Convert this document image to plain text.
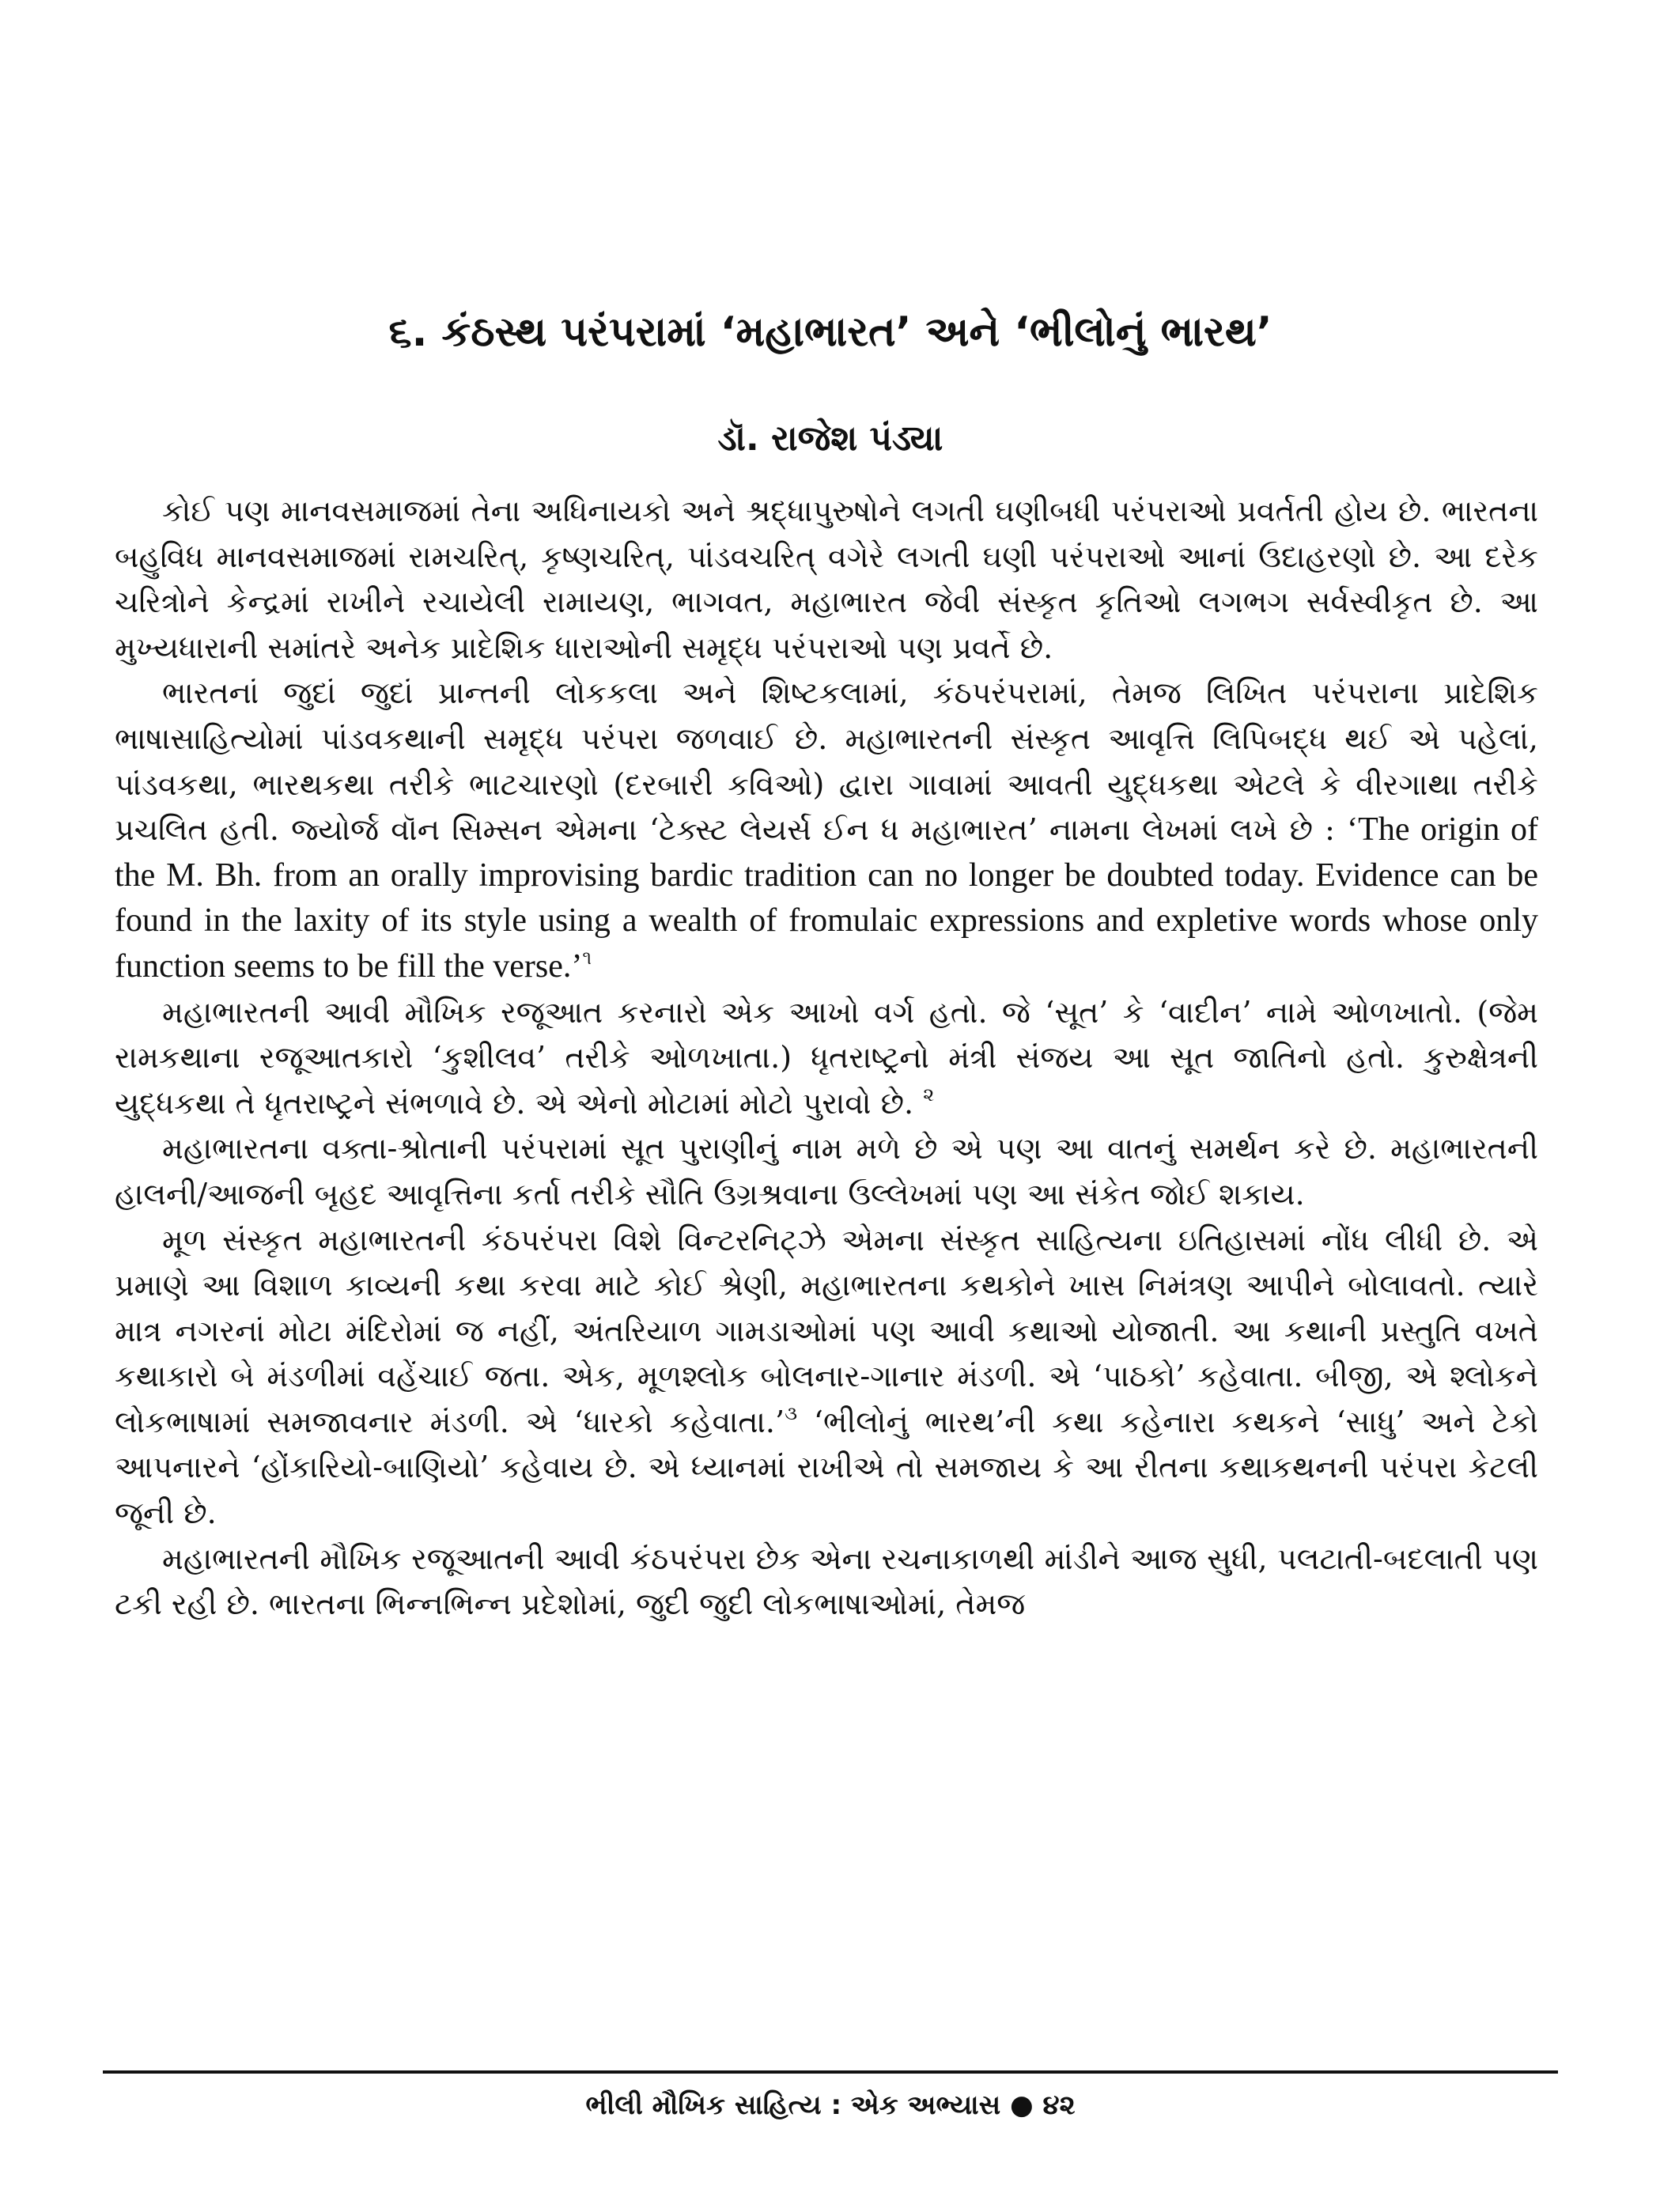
૬. કંઠસ્થ પરંપરામાં ‘મહાભારત’ અને ‘ભીલોનું ભારથ’
ડૉ. રાજેશ પંડ્યા

કોઈ પણ માનવસમાજમાં તેના અધિનાયકો અને શ્રદ્ધાપુરુષોને લગતી ઘણીબધી પરંપરાઓ પ્રવર્તતી હોય છે. ભારતના બહુવિધ માનવસમાજમાં રામચરિત્, કૃષ્ણચરિત્, પાંડવચરિત્ વગેરે લગતી ઘણી પરંપરાઓ આનાં ઉદાહરણો છે. આ દરેક ચરિત્રોને કેન્દ્રમાં રાખીને રચાયેલી રામાયણ, ભાગવત, મહાભારત જેવી સંસ્કૃત કૃતિઓ લગભગ સર્વસ્વીકૃત છે. આ મુખ્યધારાની સમાંતરે અનેક પ્રાદેશિક ધારાઓની સમૃદ્ધ પરંપરાઓ પણ પ્રવર્તે છે.

ભારતનાં જુદાં જુદાં પ્રાન્તની લોકકલા અને શિષ્ટકલામાં, કંઠપરંપરામાં, તેમજ લિખિત પરંપરાના પ્રાદેશિક ભાષાસાહિત્યોમાં પાંડવકથાની સમૃદ્ધ પરંપરા જળવાઈ છે. મહાભારતની સંસ્કૃત આવૃત્તિ લિપિબદ્ધ થઈ એ પહેલાં, પાંડવકથા, ભારથકથા તરીકે ભાટચારણો (દરબારી કવિઓ) દ્વારા ગાવામાં આવતી યુદ્ધકથા એટલે કે વીરગાથા તરીકે પ્રચલિત હતી. જ્યોર્જ વૉન સિમ્સન એમના ‘ટેક્સ્ટ લેયર્સ ઈન ધ મહાભારત’ નામના લેખમાં લખે છે : ‘The origin of the M. Bh. from an orally improvising bardic tradition can no longer be doubted today. Evidence can be found in the laxity of its style using a wealth of fromulaic expressions and expletive words whose only function seems to be fill the verse.’$^૧$

મહાભારતની આવી મૌખિક રજૂઆત કરનારો એક આખો વર્ગ હતો. જે ‘સૂત’ કે ‘વાદીન’ નામે ઓળખાતો. (જેમ રામકથાના રજૂઆતકારો ‘કુશીલવ’ તરીકે ઓળખાતા.) ધૃતરાષ્ટ્રનો મંત્રી સંજય આ સૂત જાતિનો હતો. કુરુક્ષેત્રની યુદ્ધકથા તે ધૃતરાષ્ટ્રને સંભળાવે છે. એ એનો મોટામાં મોટો પુરાવો છે. $^૨$

મહાભારતના વક્તા-શ્રોતાની પરંપરામાં સૂત પુરાણીનું નામ મળે છે એ પણ આ વાતનું સમર્થન કરે છે. મહાભારતની હાલની/આજની બૃહદ આવૃત્તિના કર્તા તરીકે સૌતિ ઉગ્રશ્રવાના ઉલ્લેખમાં પણ આ સંકેત જોઈ શકાય.

મૂળ સંસ્કૃત મહાભારતની કંઠપરંપરા વિશે વિન્ટરનિટ્ઝે એમના સંસ્કૃત સાહિત્યના ઇતિહાસમાં નોંધ લીધી છે. એ પ્રમાણે આ વિશાળ કાવ્યની કથા કરવા માટે કોઈ શ્રેણી, મહાભારતના કથકોને ખાસ નિમંત્રણ આપીને બોલાવતો. ત્યારે માત્ર નગરનાં મોટા મંદિરોમાં જ નહીં, અંતરિયાળ ગામડાઓમાં પણ આવી કથાઓ યોજાતી. આ કથાની પ્રસ્તુતિ વખતે કથાકારો બે મંડળીમાં વહેંચાઈ જતા. એક, મૂળશ્લોક બોલનાર-ગાનાર મંડળી. એ ‘પાઠકો’ કહેવાતા. બીજી, એ શ્લોકને લોકભાષામાં સમજાવનાર મંડળી. એ ‘ધારકો કહેવાતા.’$^૩$ ‘ભીલોનું ભારથ’ની કથા કહેનારા કથકને ‘સાધુ’ અને ટેકો આપનારને ‘હોંકારિયો-બાણિયો’ કહેવાય છે. એ ધ્યાનમાં રાખીએ તો સમજાય કે આ રીતના કથાકથનની પરંપરા કેટલી જૂની છે.

મહાભારતની મૌખિક રજૂઆતની આવી કંઠપરંપરા છેક એના રચનાકાળથી માંડીને આજ સુધી, પલટાતી-બદલાતી પણ ટકી રહી છે. ભારતના ભિન્નભિન્ન પ્રદેશોમાં, જુદી જુદી લોકભાષાઓમાં, તેમજ

ભીલી મૌખિક સાહિત્ય : એક અભ્યાસ ● ૪૨
